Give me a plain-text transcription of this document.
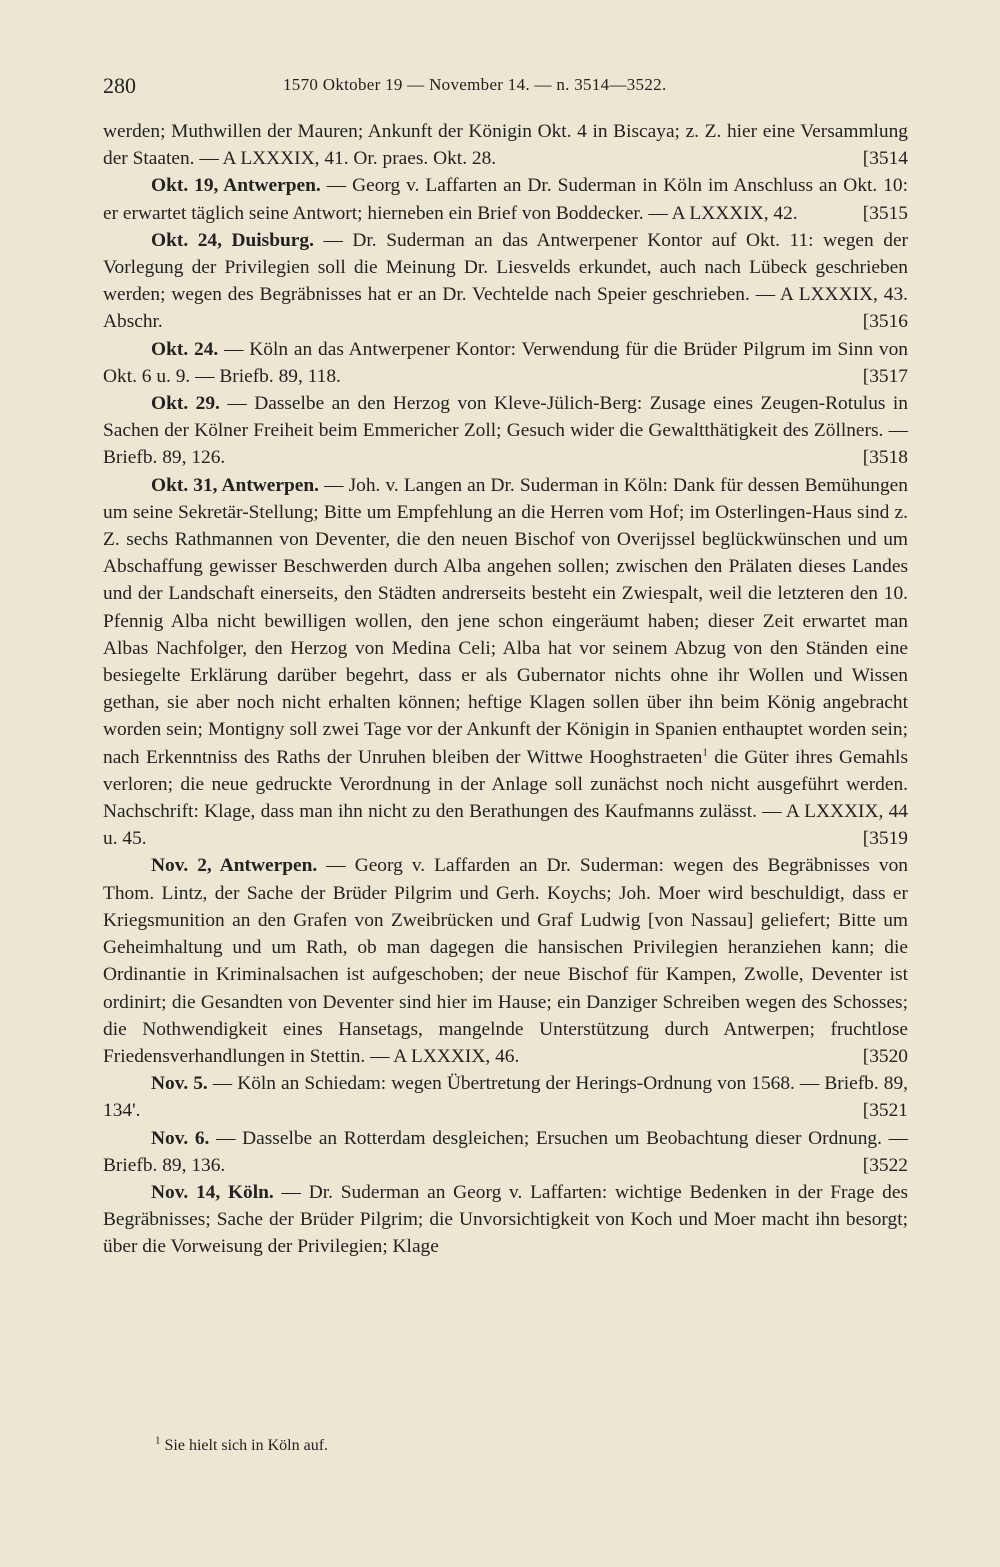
280	1570 Oktober 19 — November 14. — n. 3514—3522.

werden; Muthwillen der Mauren; Ankunft der Königin Okt. 4 in Biscaya; z. Z. hier eine Versammlung der Staaten. — A LXXXIX, 41. Or. praes. Okt. 28.	[3514

Okt. 19, Antwerpen. — Georg v. Laffarten an Dr. Suderman in Köln im Anschluss an Okt. 10: er erwartet täglich seine Antwort; hierneben ein Brief von Boddecker. — A LXXXIX, 42.	[3515

Okt. 24, Duisburg. — Dr. Suderman an das Antwerpener Kontor auf Okt. 11: wegen der Vorlegung der Privilegien soll die Meinung Dr. Liesvelds erkundet, auch nach Lübeck geschrieben werden; wegen des Begräbnisses hat er an Dr. Vechtelde nach Speier geschrieben. — A LXXXIX, 43. Abschr.	[3516

Okt. 24. — Köln an das Antwerpener Kontor: Verwendung für die Brüder Pilgrum im Sinn von Okt. 6 u. 9. — Briefb. 89, 118.	[3517

Okt. 29. — Dasselbe an den Herzog von Kleve-Jülich-Berg: Zusage eines Zeugen-Rotulus in Sachen der Kölner Freiheit beim Emmericher Zoll; Gesuch wider die Gewaltthätigkeit des Zöllners. — Briefb. 89, 126.	[3518

Okt. 31, Antwerpen. — Joh. v. Langen an Dr. Suderman in Köln: Dank für dessen Bemühungen um seine Sekretär-Stellung; Bitte um Empfehlung an die Herren vom Hof; im Osterlingen-Haus sind z. Z. sechs Rathmannen von Deventer, die den neuen Bischof von Overijssel beglückwünschen und um Abschaffung gewisser Beschwerden durch Alba angehen sollen; zwischen den Prälaten dieses Landes und der Landschaft einerseits, den Städten andrerseits besteht ein Zwiespalt, weil die letzteren den 10. Pfennig Alba nicht bewilligen wollen, den jene schon eingeräumt haben; dieser Zeit erwartet man Albas Nachfolger, den Herzog von Medina Celi; Alba hat vor seinem Abzug von den Ständen eine besiegelte Erklärung darüber begehrt, dass er als Gubernator nichts ohne ihr Wollen und Wissen gethan, sie aber noch nicht erhalten können; heftige Klagen sollen über ihn beim König angebracht worden sein; Montigny soll zwei Tage vor der Ankunft der Königin in Spanien enthauptet worden sein; nach Erkenntniss des Raths der Unruhen bleiben der Wittwe Hooghstraeten$^1$ die Güter ihres Gemahls verloren; die neue gedruckte Verordnung in der Anlage soll zunächst noch nicht ausgeführt werden. Nachschrift: Klage, dass man ihn nicht zu den Berathungen des Kaufmanns zulässt. — A LXXXIX, 44 u. 45.	[3519

Nov. 2, Antwerpen. — Georg v. Laffarden an Dr. Suderman: wegen des Begräbnisses von Thom. Lintz, der Sache der Brüder Pilgrim und Gerh. Koychs; Joh. Moer wird beschuldigt, dass er Kriegsmunition an den Grafen von Zweibrücken und Graf Ludwig [von Nassau] geliefert; Bitte um Geheimhaltung und um Rath, ob man dagegen die hansischen Privilegien heranziehen kann; die Ordinantie in Kriminalsachen ist aufgeschoben; der neue Bischof für Kampen, Zwolle, Deventer ist ordinirt; die Gesandten von Deventer sind hier im Hause; ein Danziger Schreiben wegen des Schosses; die Nothwendigkeit eines Hansetags, mangelnde Unterstützung durch Antwerpen; fruchtlose Friedensverhandlungen in Stettin. — A LXXXIX, 46.	[3520

Nov. 5. — Köln an Schiedam: wegen Übertretung der Herings-Ordnung von 1568. — Briefb. 89, 134'.	[3521

Nov. 6. — Dasselbe an Rotterdam desgleichen; Ersuchen um Beobachtung dieser Ordnung. — Briefb. 89, 136.	[3522

Nov. 14, Köln. — Dr. Suderman an Georg v. Laffarten: wichtige Bedenken in der Frage des Begräbnisses; Sache der Brüder Pilgrim; die Unvorsichtigkeit von Koch und Moer macht ihn besorgt; über die Vorweisung der Privilegien; Klage

$^1$ Sie hielt sich in Köln auf.
